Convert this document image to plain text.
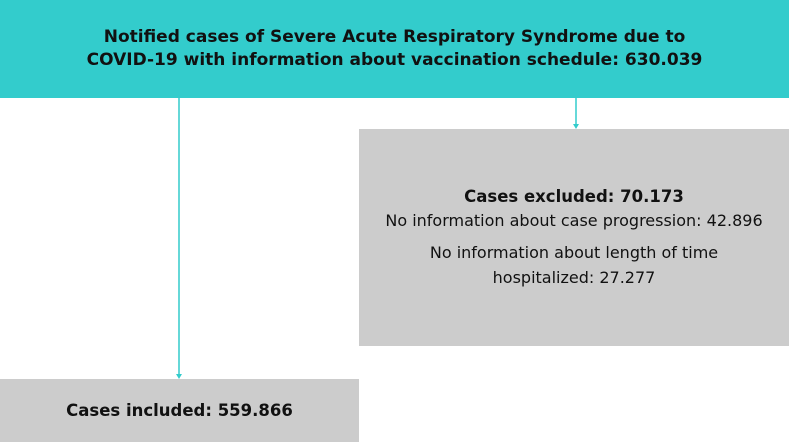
Notified cases of Severe Acute Respiratory Syndrome due to
COVID-19 with information about vaccination schedule: 630.039
Cases excluded: 70.173
No information about case progression: 42.896
No information about length of time hospitalized: 27.277
Cases included: 559.866
